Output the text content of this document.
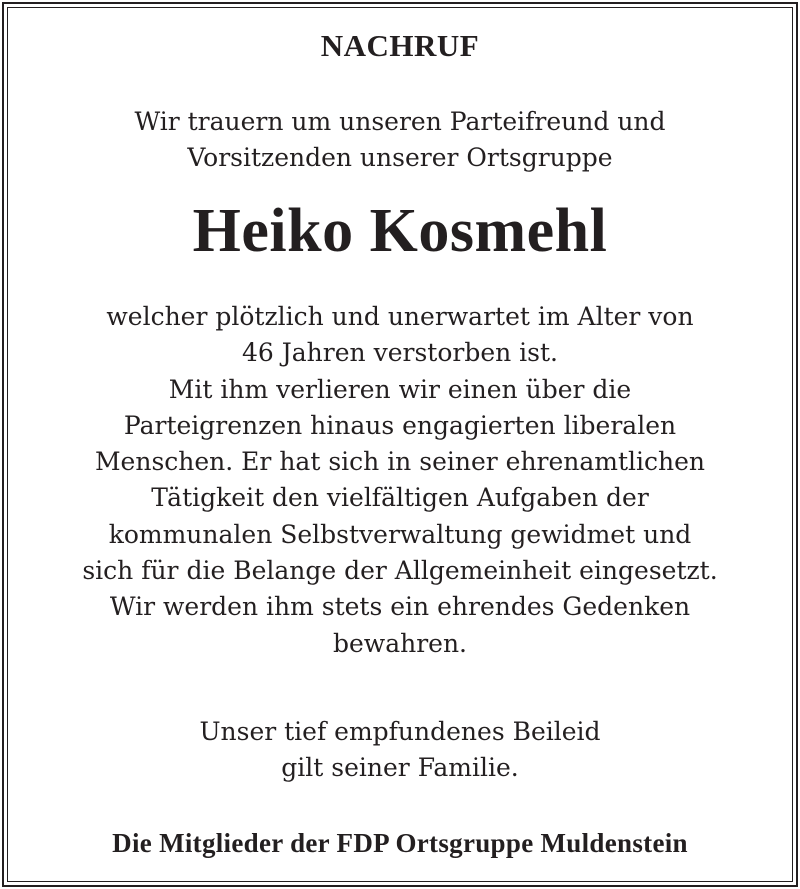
NACHRUF
Wir trauern um unseren Parteifreund und
Vorsitzenden unserer Ortsgruppe
Heiko Kosmehl
welcher plötzlich und unerwartet im Alter von
46 Jahren verstorben ist.
Mit ihm verlieren wir einen über die
Parteigrenzen hinaus engagierten liberalen
Menschen. Er hat sich in seiner ehrenamtlichen
Tätigkeit den vielfältigen Aufgaben der
kommunalen Selbstverwaltung gewidmet und
sich für die Belange der Allgemeinheit eingesetzt.
Wir werden ihm stets ein ehrendes Gedenken
bewahren.
Unser tief empfundenes Beileid
gilt seiner Familie.
Die Mitglieder der FDP Ortsgruppe Muldenstein
